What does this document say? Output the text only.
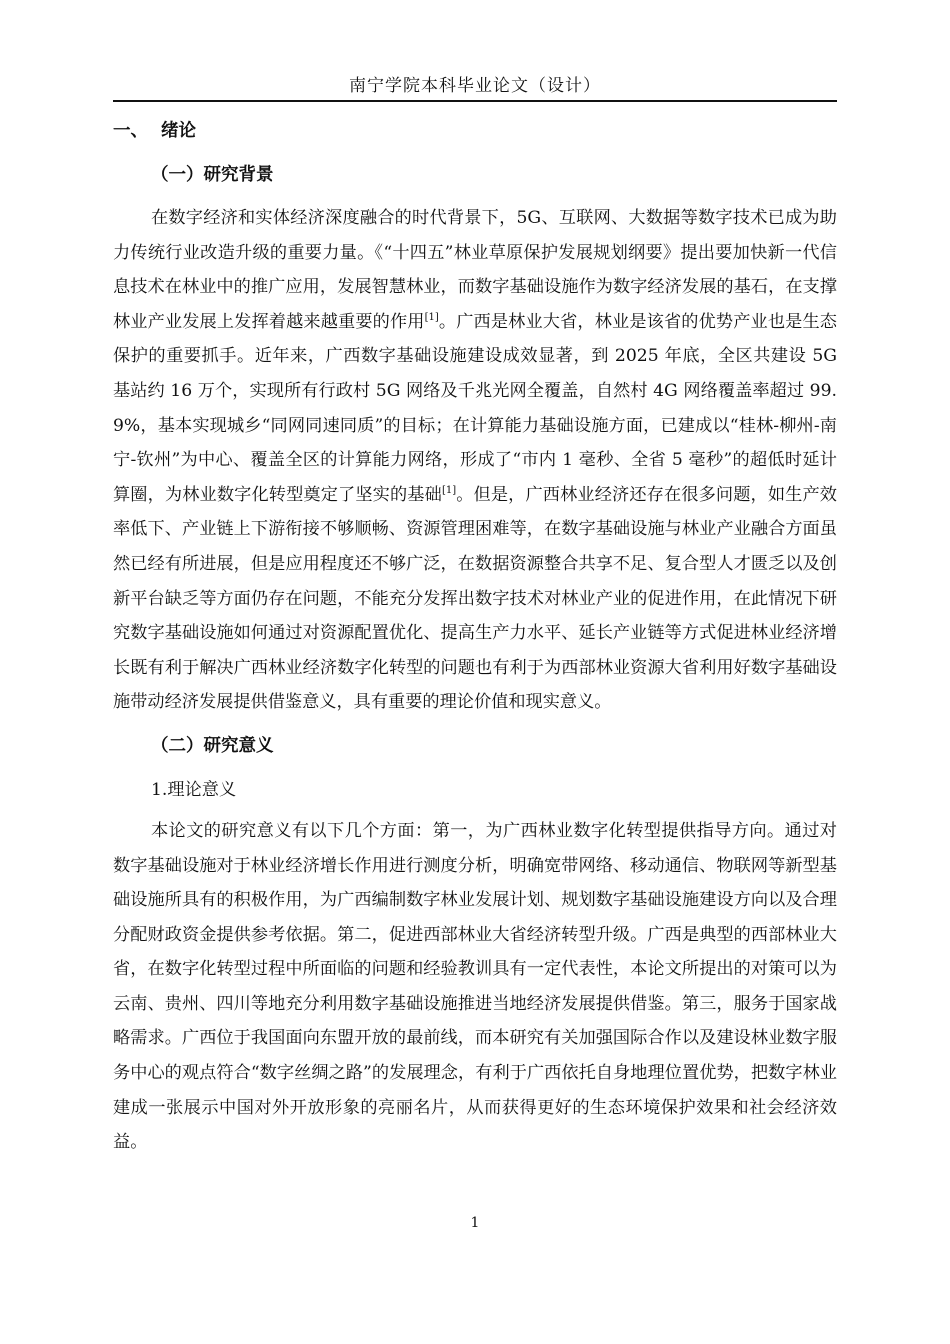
南宁学院本科毕业论文（设计）
一、 绪论
（一）研究背景

在数字经济和实体经济深度融合的时代背景下，5G、互联网、大数据等数字技术已成为助力传统行业改造升级的重要力量。《“十四五”林业草原保护发展规划纲要》提出要加快新一代信息技术在林业中的推广应用，发展智慧林业，而数字基础设施作为数字经济发展的基石，在支撑林业产业发展上发挥着越来越重要的作用[1]。广西是林业大省，林业是该省的优势产业也是生态保护的重要抓手。近年来，广西数字基础设施建设成效显著，到 2025 年底，全区共建设 5G 基站约 16 万个，实现所有行政村 5G 网络及千兆光网全覆盖，自然村 4G 网络覆盖率超过 99.9%，基本实现城乡“同网同速同质”的目标；在计算能力基础设施方面，已建成以“桂林-柳州-南宁-钦州”为中心、覆盖全区的计算能力网络，形成了“市内 1 毫秒、全省 5 毫秒”的超低时延计算圈，为林业数字化转型奠定了坚实的基础[1]。但是，广西林业经济还存在很多问题，如生产效率低下、产业链上下游衔接不够顺畅、资源管理困难等，在数字基础设施与林业产业融合方面虽然已经有所进展，但是应用程度还不够广泛，在数据资源整合共享不足、复合型人才匮乏以及创新平台缺乏等方面仍存在问题，不能充分发挥出数字技术对林业产业的促进作用，在此情况下研究数字基础设施如何通过对资源配置优化、提高生产力水平、延长产业链等方式促进林业经济增长既有利于解决广西林业经济数字化转型的问题也有利于为西部林业资源大省利用好数字基础设施带动经济发展提供借鉴意义，具有重要的理论价值和现实意义。

（二）研究意义
1.理论意义

本论文的研究意义有以下几个方面：第一，为广西林业数字化转型提供指导方向。通过对数字基础设施对于林业经济增长作用进行测度分析，明确宽带网络、移动通信、物联网等新型基础设施所具有的积极作用，为广西编制数字林业发展计划、规划数字基础设施建设方向以及合理分配财政资金提供参考依据。第二，促进西部林业大省经济转型升级。广西是典型的西部林业大省，在数字化转型过程中所面临的问题和经验教训具有一定代表性，本论文所提出的对策可以为云南、贵州、四川等地充分利用数字基础设施推进当地经济发展提供借鉴。第三，服务于国家战略需求。广西位于我国面向东盟开放的最前线，而本研究有关加强国际合作以及建设林业数字服务中心的观点符合“数字丝绸之路”的发展理念，有利于广西依托自身地理位置优势，把数字林业建成一张展示中国对外开放形象的亮丽名片，从而获得更好的生态环境保护效果和社会经济效益。

1
